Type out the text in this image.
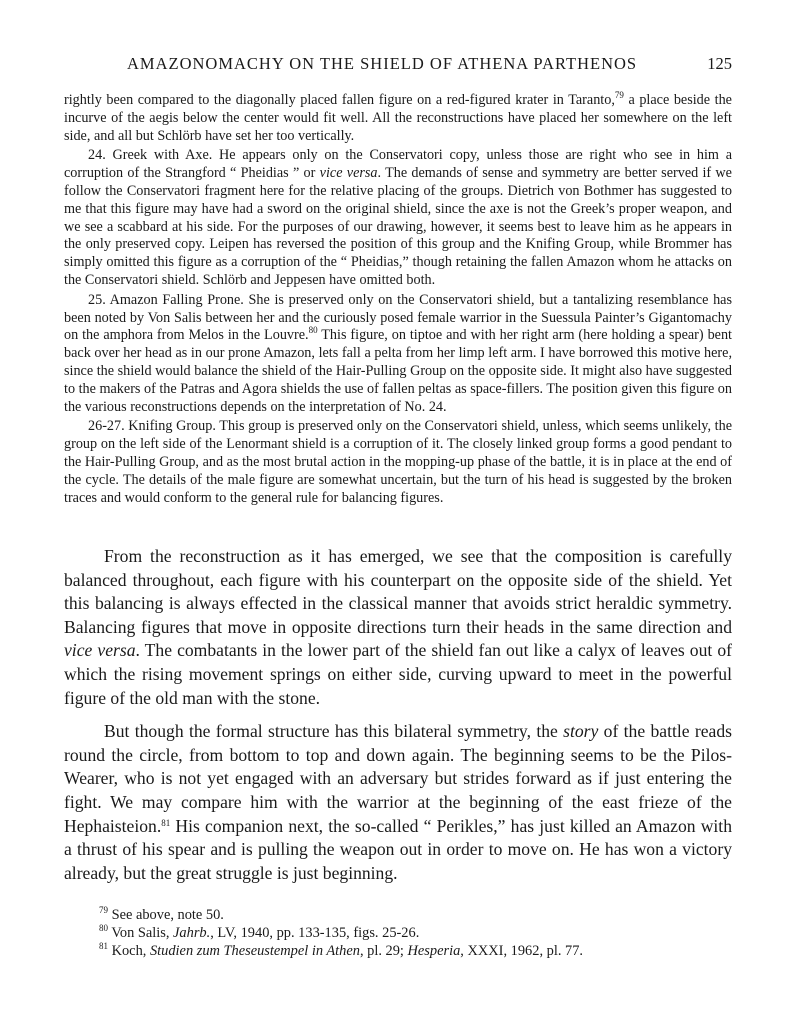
AMAZONOMACHY ON THE SHIELD OF ATHENA PARTHENOS	125

rightly been compared to the diagonally placed fallen figure on a red-figured krater in Taranto,$^{79}$ a place beside the incurve of the aegis below the center would fit well. All the reconstructions have placed her somewhere on the left side, and all but Schlörb have set her too vertically.

24. Greek with Axe. He appears only on the Conservatori copy, unless those are right who see in him a corruption of the Strangford “ Pheidias ” or vice versa. The demands of sense and symmetry are better served if we follow the Conservatori fragment here for the relative placing of the groups. Dietrich von Bothmer has suggested to me that this figure may have had a sword on the original shield, since the axe is not the Greek’s proper weapon, and we see a scabbard at his side. For the purposes of our drawing, however, it seems best to leave him as he appears in the only preserved copy. Leipen has reversed the position of this group and the Knifing Group, while Brommer has simply omitted this figure as a corruption of the “ Pheidias,” though retaining the fallen Amazon whom he attacks on the Conservatori shield. Schlörb and Jeppesen have omitted both.

25. Amazon Falling Prone. She is preserved only on the Conservatori shield, but a tantalizing resemblance has been noted by Von Salis between her and the curiously posed female warrior in the Suessula Painter’s Gigantomachy on the amphora from Melos in the Louvre.$^{80}$ This figure, on tiptoe and with her right arm (here holding a spear) bent back over her head as in our prone Amazon, lets fall a pelta from her limp left arm. I have borrowed this motive here, since the shield would balance the shield of the Hair-Pulling Group on the opposite side. It might also have suggested to the makers of the Patras and Agora shields the use of fallen peltas as space-fillers. The position given this figure on the various reconstructions depends on the interpretation of No. 24.

26-27. Knifing Group. This group is preserved only on the Conservatori shield, unless, which seems unlikely, the group on the left side of the Lenormant shield is a corruption of it. The closely linked group forms a good pendant to the Hair-Pulling Group, and as the most brutal action in the mopping-up phase of the battle, it is in place at the end of the cycle. The details of the male figure are somewhat uncertain, but the turn of his head is suggested by the broken traces and would conform to the general rule for balancing figures.

From the reconstruction as it has emerged, we see that the composition is carefully balanced throughout, each figure with his counterpart on the opposite side of the shield. Yet this balancing is always effected in the classical manner that avoids strict heraldic symmetry. Balancing figures that move in opposite directions turn their heads in the same direction and vice versa. The combatants in the lower part of the shield fan out like a calyx of leaves out of which the rising movement springs on either side, curving upward to meet in the powerful figure of the old man with the stone.

But though the formal structure has this bilateral symmetry, the story of the battle reads round the circle, from bottom to top and down again. The beginning seems to be the Pilos-Wearer, who is not yet engaged with an adversary but strides forward as if just entering the fight. We may compare him with the warrior at the beginning of the east frieze of the Hephaisteion.$^{81}$ His companion next, the so-called “ Perikles,” has just killed an Amazon with a thrust of his spear and is pulling the weapon out in order to move on. He has won a victory already, but the great struggle is just beginning.

$^{79}$ See above, note 50.
$^{80}$ Von Salis, Jahrb., LV, 1940, pp. 133-135, figs. 25-26.
$^{81}$ Koch, Studien zum Theseustempel in Athen, pl. 29; Hesperia, XXXI, 1962, pl. 77.
